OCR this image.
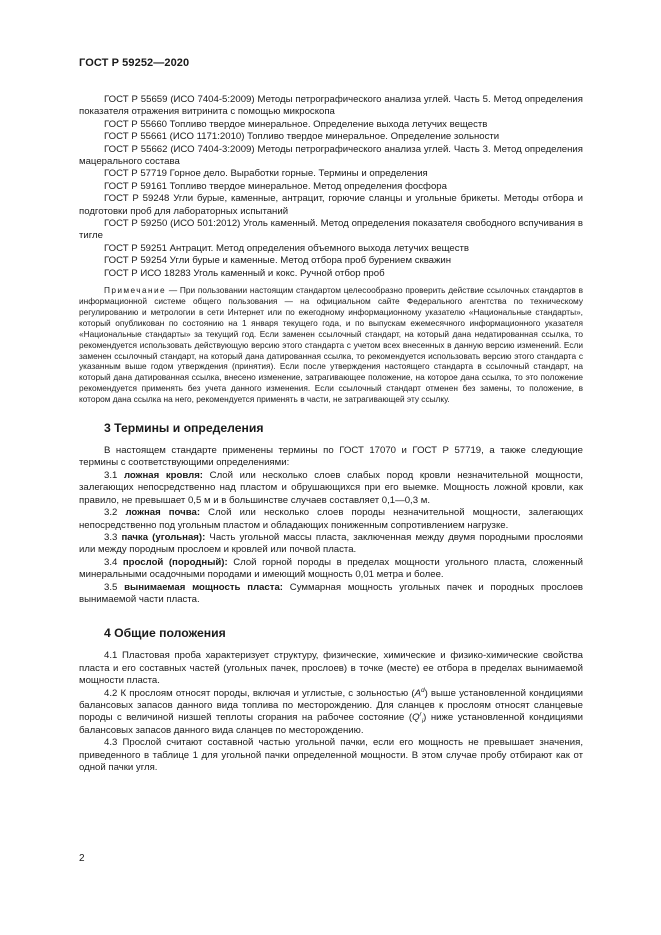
ГОСТ Р 59252—2020

ГОСТ Р 55659 (ИСО 7404-5:2009) Методы петрографического анализа углей. Часть 5. Метод определения показателя отражения витринита с помощью микроскопа

ГОСТ Р 55660 Топливо твердое минеральное. Определение выхода летучих веществ

ГОСТ Р 55661 (ИСО 1171:2010) Топливо твердое минеральное. Определение зольности

ГОСТ Р 55662 (ИСО 7404-3:2009) Методы петрографического анализа углей. Часть 3. Метод определения мацерального состава

ГОСТ Р 57719 Горное дело. Выработки горные. Термины и определения

ГОСТ Р 59161 Топливо твердое минеральное. Метод определения фосфора

ГОСТ Р 59248 Угли бурые, каменные, антрацит, горючие сланцы и угольные брикеты. Методы отбора и подготовки проб для лабораторных испытаний

ГОСТ Р 59250 (ИСО 501:2012) Уголь каменный. Метод определения показателя свободного вспучивания в тигле

ГОСТ Р 59251 Антрацит. Метод определения объемного выхода летучих веществ

ГОСТ Р 59254 Угли бурые и каменные. Метод отбора проб бурением скважин

ГОСТ Р ИСО 18283 Уголь каменный и кокс. Ручной отбор проб

Примечание — При пользовании настоящим стандартом целесообразно проверить действие ссылочных стандартов в информационной системе общего пользования — на официальном сайте Федерального агентства по техническому регулированию и метрологии в сети Интернет или по ежегодному информационному указателю «Национальные стандарты», который опубликован по состоянию на 1 января текущего года, и по выпускам ежемесячного информационного указателя «Национальные стандарты» за текущий год. Если заменен ссылочный стандарт, на который дана недатированная ссылка, то рекомендуется использовать действующую версию этого стандарта с учетом всех внесенных в данную версию изменений. Если заменен ссылочный стандарт, на который дана датированная ссылка, то рекомендуется использовать версию этого стандарта с указанным выше годом утверждения (принятия). Если после утверждения настоящего стандарта в ссылочный стандарт, на который дана датированная ссылка, внесено изменение, затрагивающее положение, на которое дана ссылка, то это положение рекомендуется применять без учета данного изменения. Если ссылочный стандарт отменен без замены, то положение, в котором дана ссылка на него, рекомендуется применять в части, не затрагивающей эту ссылку.

3 Термины и определения

В настоящем стандарте применены термины по ГОСТ 17070 и ГОСТ Р 57719, а также следующие термины с соответствующими определениями:

3.1 ложная кровля: Слой или несколько слоев слабых пород кровли незначительной мощности, залегающих непосредственно над пластом и обрушающихся при его выемке. Мощность ложной кровли, как правило, не превышает 0,5 м и в большинстве случаев составляет 0,1—0,3 м.

3.2 ложная почва: Слой или несколько слоев породы незначительной мощности, залегающих непосредственно под угольным пластом и обладающих пониженным сопротивлением нагрузке.

3.3 пачка (угольная): Часть угольной массы пласта, заключенная между двумя породными прослоями или между породным прослоем и кровлей или почвой пласта.

3.4 прослой (породный): Слой горной породы в пределах мощности угольного пласта, сложенный минеральными осадочными породами и имеющий мощность 0,01 метра и более.

3.5 вынимаемая мощность пласта: Суммарная мощность угольных пачек и породных прослоев вынимаемой части пласта.

4 Общие положения

4.1 Пластовая проба характеризует структуру, физические, химические и физико-химические свойства пласта и его составных частей (угольных пачек, прослоев) в точке (месте) ее отбора в пределах вынимаемой мощности пласта.

4.2 К прослоям относят породы, включая и углистые, с зольностью $(A^d)$ выше установленной кондициями балансовых запасов данного вида топлива по месторождению. Для сланцев к прослоям относят сланцевые породы с величиной низшей теплоты сгорания на рабочее состояние $(Q^r_i)$ ниже установленной кондициями балансовых запасов данного вида сланцев по месторождению.

4.3 Прослой считают составной частью угольной пачки, если его мощность не превышает значения, приведенного в таблице 1 для угольной пачки определенной мощности. В этом случае пробу отбирают как от одной пачки угля.

2
